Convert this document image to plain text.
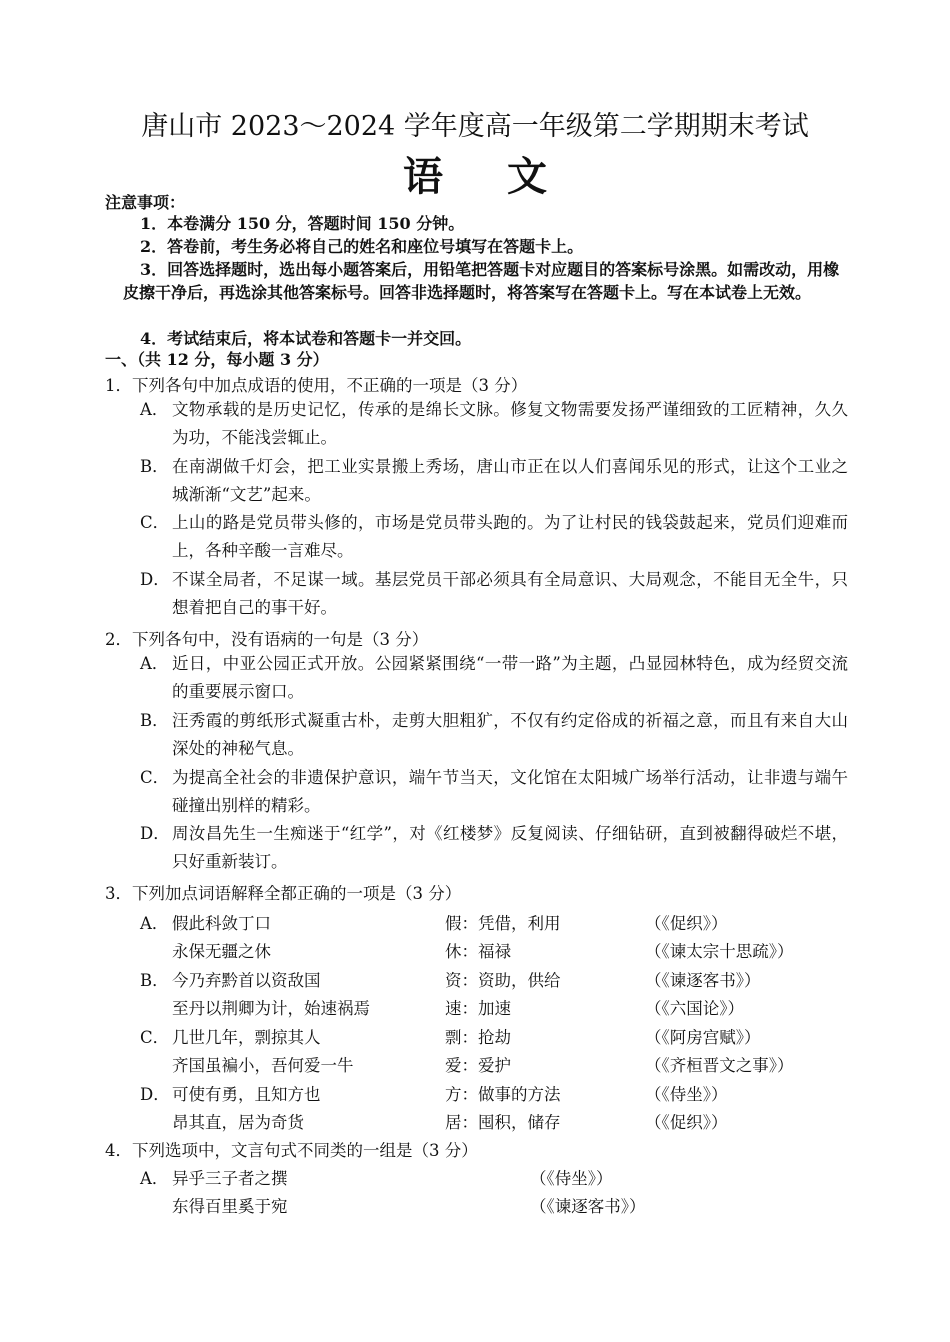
唐山市 2023～2024 学年度高一年级第二学期期末考试
语文
注意事项：
1．本卷满分 150 分，答题时间 150 分钟。
2．答卷前，考生务必将自己的姓名和座位号填写在答题卡上。
3．回答选择题时，选出每小题答案后，用铅笔把答题卡对应题目的答案标号涂黑。如需改动，用橡皮擦干净后，再选涂其他答案标号。回答非选择题时，将答案写在答题卡上。写在本试卷上无效。
4．考试结束后，将本试卷和答题卡一并交回。
一、（共 12 分，每小题 3 分）
1．下列各句中加点成语的使用，不正确的一项是（3 分）
A． 文物承载的是历史记忆，传承的是绵长文脉。修复文物需要发扬严谨细致的工匠精神，久久为功，不能浅尝辄止。
B． 在南湖做千灯会，把工业实景搬上秀场，唐山市正在以人们喜闻乐见的形式，让这个工业之城渐渐“文艺”起来。
C． 上山的路是党员带头修的，市场是党员带头跑的。为了让村民的钱袋鼓起来，党员们迎难而上，各种辛酸一言难尽。
D． 不谋全局者，不足谋一域。基层党员干部必须具有全局意识、大局观念，不能目无全牛，只想着把自己的事干好。
2．下列各句中，没有语病的一句是（3 分）
A． 近日，中亚公园正式开放。公园紧紧围绕“一带一路”为主题，凸显园林特色，成为经贸交流的重要展示窗口。
B． 汪秀霞的剪纸形式凝重古朴，走剪大胆粗犷，不仅有约定俗成的祈福之意，而且有来自大山深处的神秘气息。
C． 为提高全社会的非遗保护意识，端午节当天，文化馆在太阳城广场举行活动，让非遗与端午碰撞出别样的精彩。
D． 周汝昌先生一生痴迷于“红学”，对《红楼梦》反复阅读、仔细钻研，直到被翻得破烂不堪，只好重新装订。
3．下列加点词语解释全都正确的一项是（3 分）
A． 假此科敛丁口	假：凭借，利用	（《促织》）
永保无疆之休	休：福禄	（《谏太宗十思疏》）
B． 今乃弃黔首以资敌国	资：资助，供给	（《谏逐客书》）
至丹以荆卿为计，始速祸焉	速：加速	（《六国论》）
C． 几世几年，剽掠其人	剽：抢劫	（《阿房宫赋》）
齐国虽褊小，吾何爱一牛	爱：爱护	（《齐桓晋文之事》）
D． 可使有勇，且知方也	方：做事的方法	（《侍坐》）
昂其直，居为奇货	居：囤积，储存	（《促织》）
4．下列选项中，文言句式不同类的一组是（3 分）
A． 异乎三子者之撰	（《侍坐》）
东得百里奚于宛	（《谏逐客书》）
